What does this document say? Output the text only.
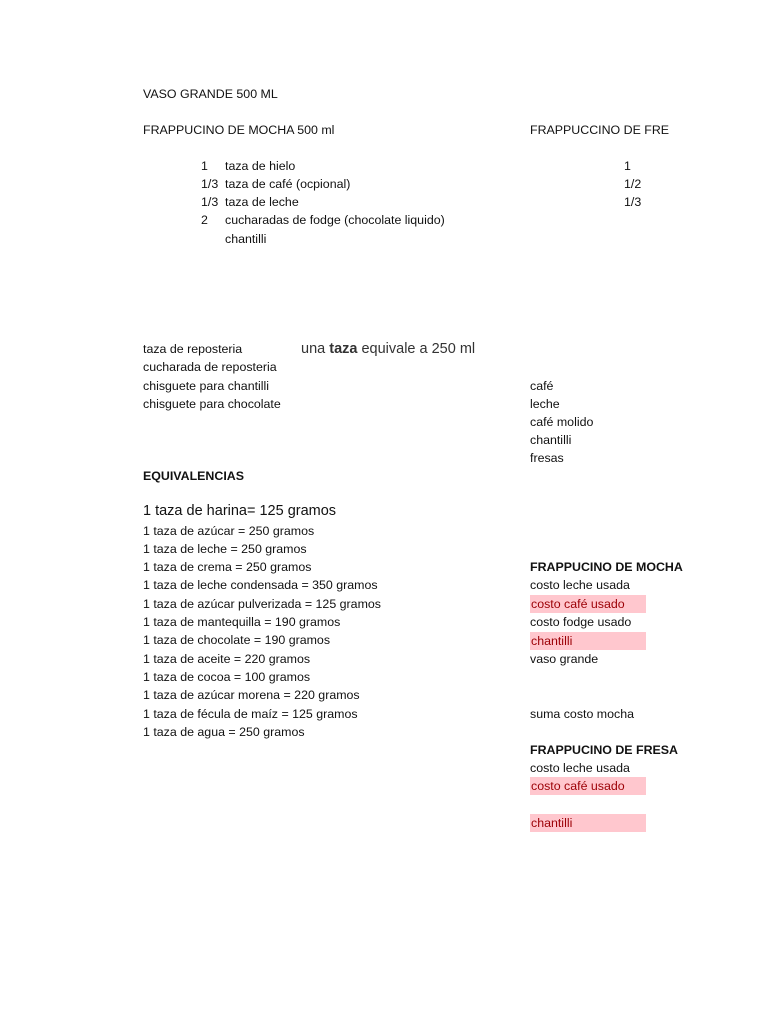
VASO GRANDE 500 ML
FRAPPUCINO DE MOCHA 500 ml	FRAPPUCCINO DE FRE
1 taza de hielo
1/3 taza de café (ocpional)
1/3 taza de leche
2 cucharadas de fodge (chocolate liquido)
chantilli
1
1/2
1/3
taza de reposteria	una taza equivale a 250 ml
cucharada de reposteria
chisguete para chantilli
chisguete para chocolate
café
leche
café molido
chantilli
fresas
EQUIVALENCIAS
1 taza de harina= 125 gramos
1 taza de azúcar = 250 gramos
1 taza de leche = 250 gramos
1 taza de crema = 250 gramos
1 taza de leche condensada = 350 gramos
1 taza de azúcar pulverizada = 125 gramos
1 taza de mantequilla = 190 gramos
1 taza de chocolate = 190 gramos
1 taza de aceite = 220 gramos
1 taza de cocoa = 100 gramos
1 taza de azúcar morena = 220 gramos
1 taza de fécula de maíz = 125 gramos
1 taza de agua = 250 gramos
FRAPPUCINO DE MOCHA
costo leche usada
costo café usado
costo fodge usado
chantilli
vaso grande
suma costo mocha
FRAPPUCINO DE FRESA
costo leche usada
costo café usado
chantilli
